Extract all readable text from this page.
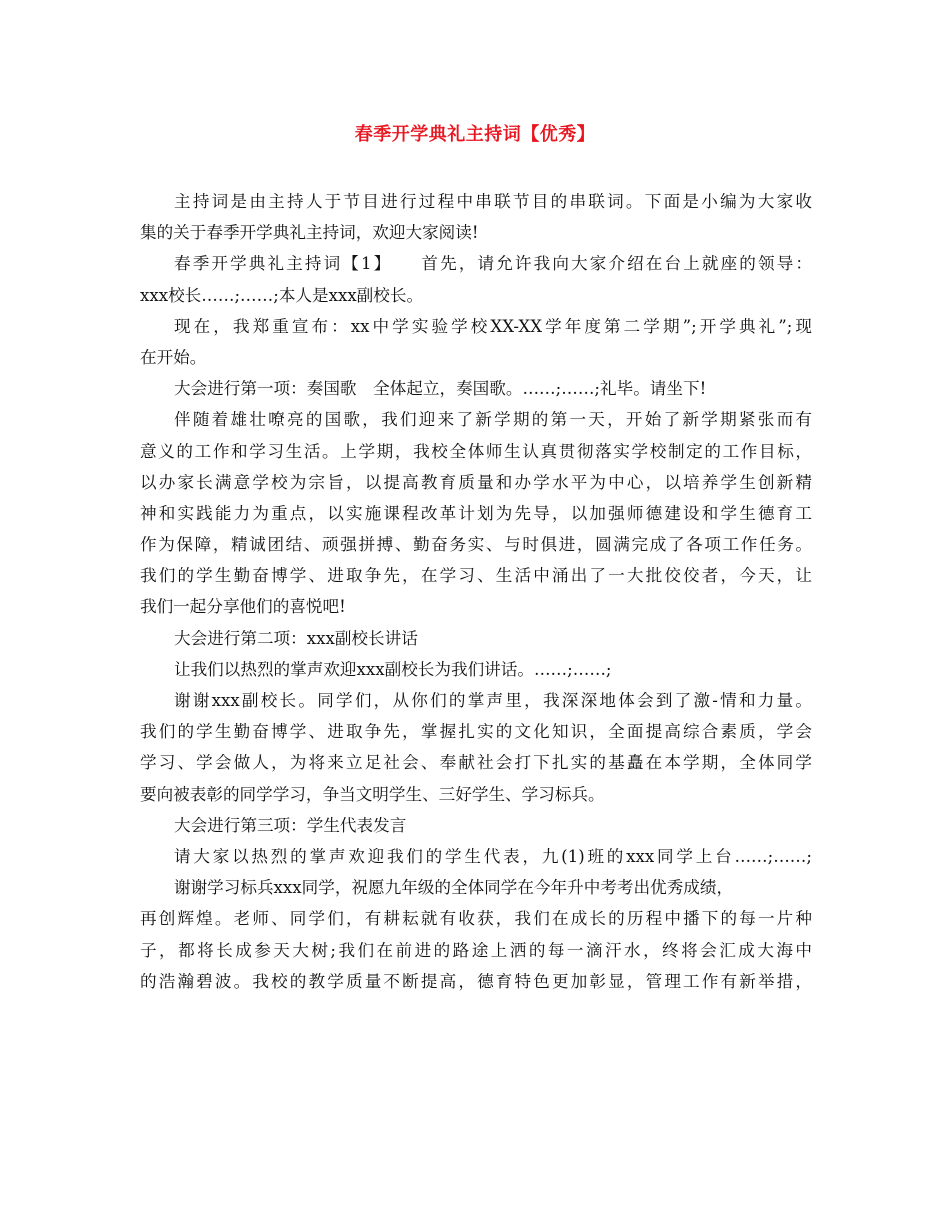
春季开学典礼主持词【优秀】
主持词是由主持人于节目进行过程中串联节目的串联词。下面是小编为大家收
集的关于春季开学典礼主持词，欢迎大家阅读!
春季开学典礼主持词【1】　　首先，请允许我向大家介绍在台上就座的领导：
xxx校长……;……;本人是xxx副校长。
现在，我郑重宣布：xx中学实验学校XX-XX学年度第二学期”;开学典礼”;现
在开始。
大会进行第一项：奏国歌　全体起立，奏国歌。……;……;礼毕。请坐下!
伴随着雄壮嘹亮的国歌，我们迎来了新学期的第一天，开始了新学期紧张而有
意义的工作和学习生活。上学期，我校全体师生认真贯彻落实学校制定的工作目标，
以办家长满意学校为宗旨，以提高教育质量和办学水平为中心，以培养学生创新精
神和实践能力为重点，以实施课程改革计划为先导，以加强师德建设和学生德育工
作为保障，精诚团结、顽强拼搏、勤奋务实、与时俱进，圆满完成了各项工作任务。
我们的学生勤奋博学、进取争先，在学习、生活中涌出了一大批佼佼者，今天，让
我们一起分享他们的喜悦吧!
大会进行第二项：xxx副校长讲话
让我们以热烈的掌声欢迎xxx副校长为我们讲话。……;……;
谢谢xxx副校长。同学们，从你们的掌声里，我深深地体会到了激-情和力量。
我们的学生勤奋博学、进取争先，掌握扎实的文化知识，全面提高综合素质，学会
学习、学会做人，为将来立足社会、奉献社会打下扎实的基矗在本学期，全体同学
要向被表彰的同学学习，争当文明学生、三好学生、学习标兵。
大会进行第三项：学生代表发言
请大家以热烈的掌声欢迎我们的学生代表，九(1)班的xxx同学上台……;……;
谢谢学习标兵xxx同学，祝愿九年级的全体同学在今年升中考考出优秀成绩，
再创辉煌。老师、同学们，有耕耘就有收获，我们在成长的历程中播下的每一片种
子，都将长成参天大树;我们在前进的路途上洒的每一滴汗水，终将会汇成大海中
的浩瀚碧波。我校的教学质量不断提高，德育特色更加彰显，管理工作有新举措，
